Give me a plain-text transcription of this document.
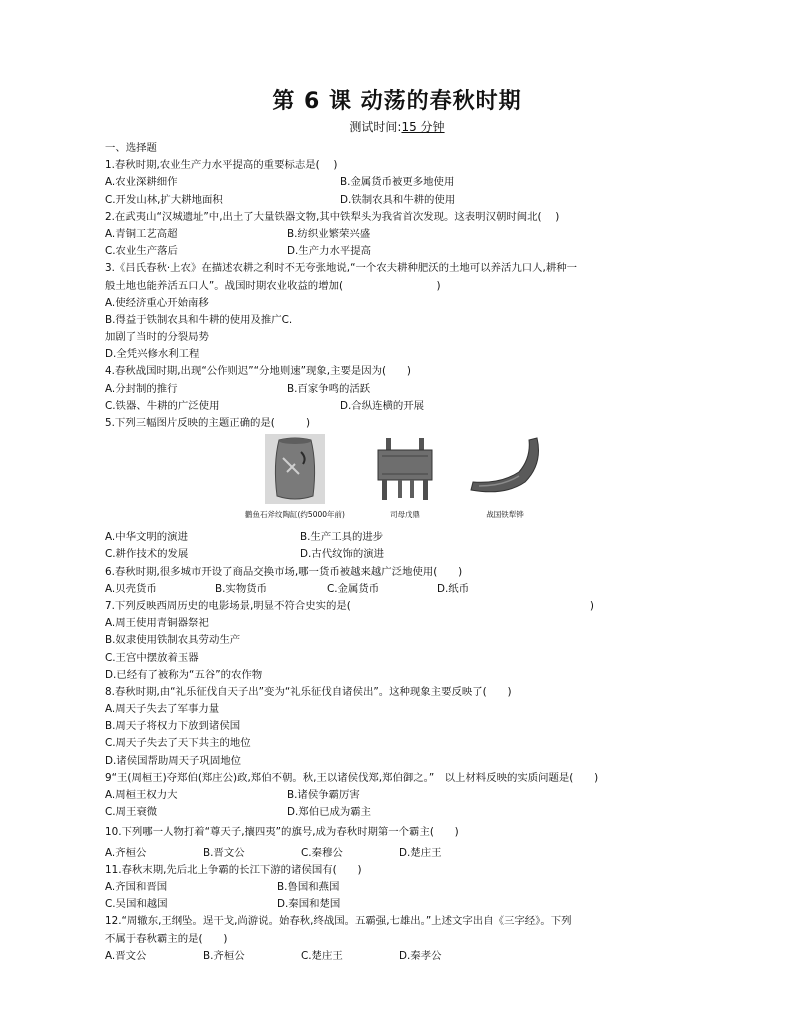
第 6 课 动荡的春秋时期
测试时间:15 分钟
一、选择题
1.春秋时期,农业生产力水平提高的重要标志是(　 )
A.农业深耕细作	B.金属货币被更多地使用
C.开发山林,扩大耕地面积	D.铁制农具和牛耕的使用
2.在武夷山“汉城遗址”中,出土了大量铁器文物,其中铁犁头为我省首次发现。这表明汉朝时闽北(　 )
A.青铜工艺高超	B.纺织业繁荣兴盛
C.农业生产落后	D.生产力水平提高
3.《吕氏春秋·上农》在描述农耕之利时不无夸张地说,“一个农夫耕种肥沃的土地可以养活九口人,耕种一
般土地也能养活五口人”。战国时期农业收益的增加(　　　　　　　　　)
A.使经济重心开始南移
B.得益于铁制农具和牛耕的使用及推广C.
加剧了当时的分裂局势
D.全凭兴修水利工程
4.春秋战国时期,出现“公作则迟”“分地则速”现象,主要是因为(　　)
A.分封制的推行	B.百家争鸣的活跃
C.铁器、牛耕的广泛使用	D.合纵连横的开展
5.下列三幅图片反映的主题正确的是(　　　)
鹳鱼石斧纹陶缸(约5000年前)	司母戊鼎	战国铁犁铧
A.中华文明的演进	B.生产工具的进步
C.耕作技术的发展	D.古代纹饰的演进
6.春秋时期,很多城市开设了商品交换市场,哪一货币被越来越广泛地使用(　　)
A.贝壳货币	B.实物货币	C.金属货币	D.纸币
7.下列反映西周历史的电影场景,明显不符合史实的是(　　　　　　　　　　　　　　　　　　　　　　　)
A.周王使用青铜器祭祀
B.奴隶使用铁制农具劳动生产
C.王宫中摆放着玉器
D.已经有了被称为“五谷”的农作物
8.春秋时期,由“礼乐征伐自天子出”变为“礼乐征伐自诸侯出”。这种现象主要反映了(　　)
A.周天子失去了军事力量
B.周天子将权力下放到诸侯国
C.周天子失去了天下共主的地位
D.诸侯国帮助周天子巩固地位
9“王(周桓王)夺郑伯(郑庄公)政,郑伯不朝。秋,王以诸侯伐郑,郑伯御之。”　以上材料反映的实质问题是(　　)
A.周桓王权力大	B.诸侯争霸厉害
C.周王衰微	D.郑伯已成为霸主
10.下列哪一人物打着“尊天子,攘四夷”的旗号,成为春秋时期第一个霸主(　　)
A.齐桓公	B.晋文公	C.秦穆公	D.楚庄王
11.春秋末期,先后北上争霸的长江下游的诸侯国有(　　)
A.齐国和晋国	B.鲁国和燕国
C.吴国和越国	D.秦国和楚国
12.“周辙东,王纲坠。逞干戈,尚游说。始春秋,终战国。五霸强,七雄出。”上述文字出自《三字经》。下列
不属于春秋霸主的是(　　)
A.晋文公	B.齐桓公	C.楚庄王	D.秦孝公
